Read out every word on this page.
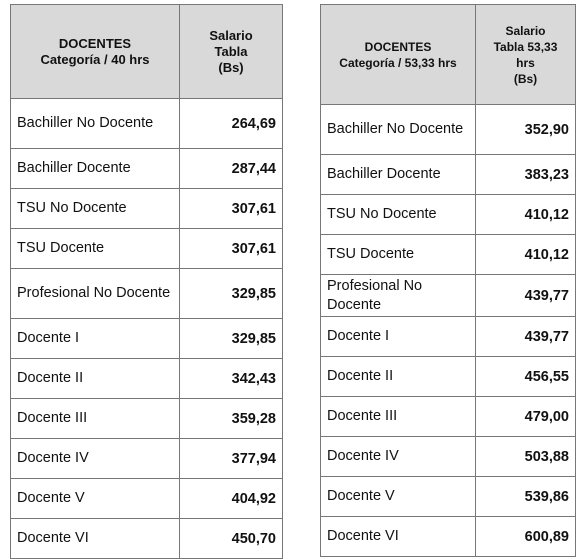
DOCENTES
Categoría / 40 hrs	Salario
Tabla
(Bs)

Bachiller No Docente	264,69
Bachiller Docente	287,44
TSU No Docente	307,61
TSU Docente	307,61
Profesional No Docente	329,85
Docente I	329,85
Docente II	342,43
Docente III	359,28
Docente IV	377,94
Docente V	404,92
Docente VI	450,70
DOCENTES
Categoría / 53,33 hrs	Salario
Tabla 53,33
hrs
(Bs)

Bachiller No Docente	352,90
Bachiller Docente	383,23
TSU No Docente	410,12
TSU Docente	410,12
Profesional No Docente	439,77
Docente I	439,77
Docente II	456,55
Docente III	479,00
Docente IV	503,88
Docente V	539,86
Docente VI	600,89
